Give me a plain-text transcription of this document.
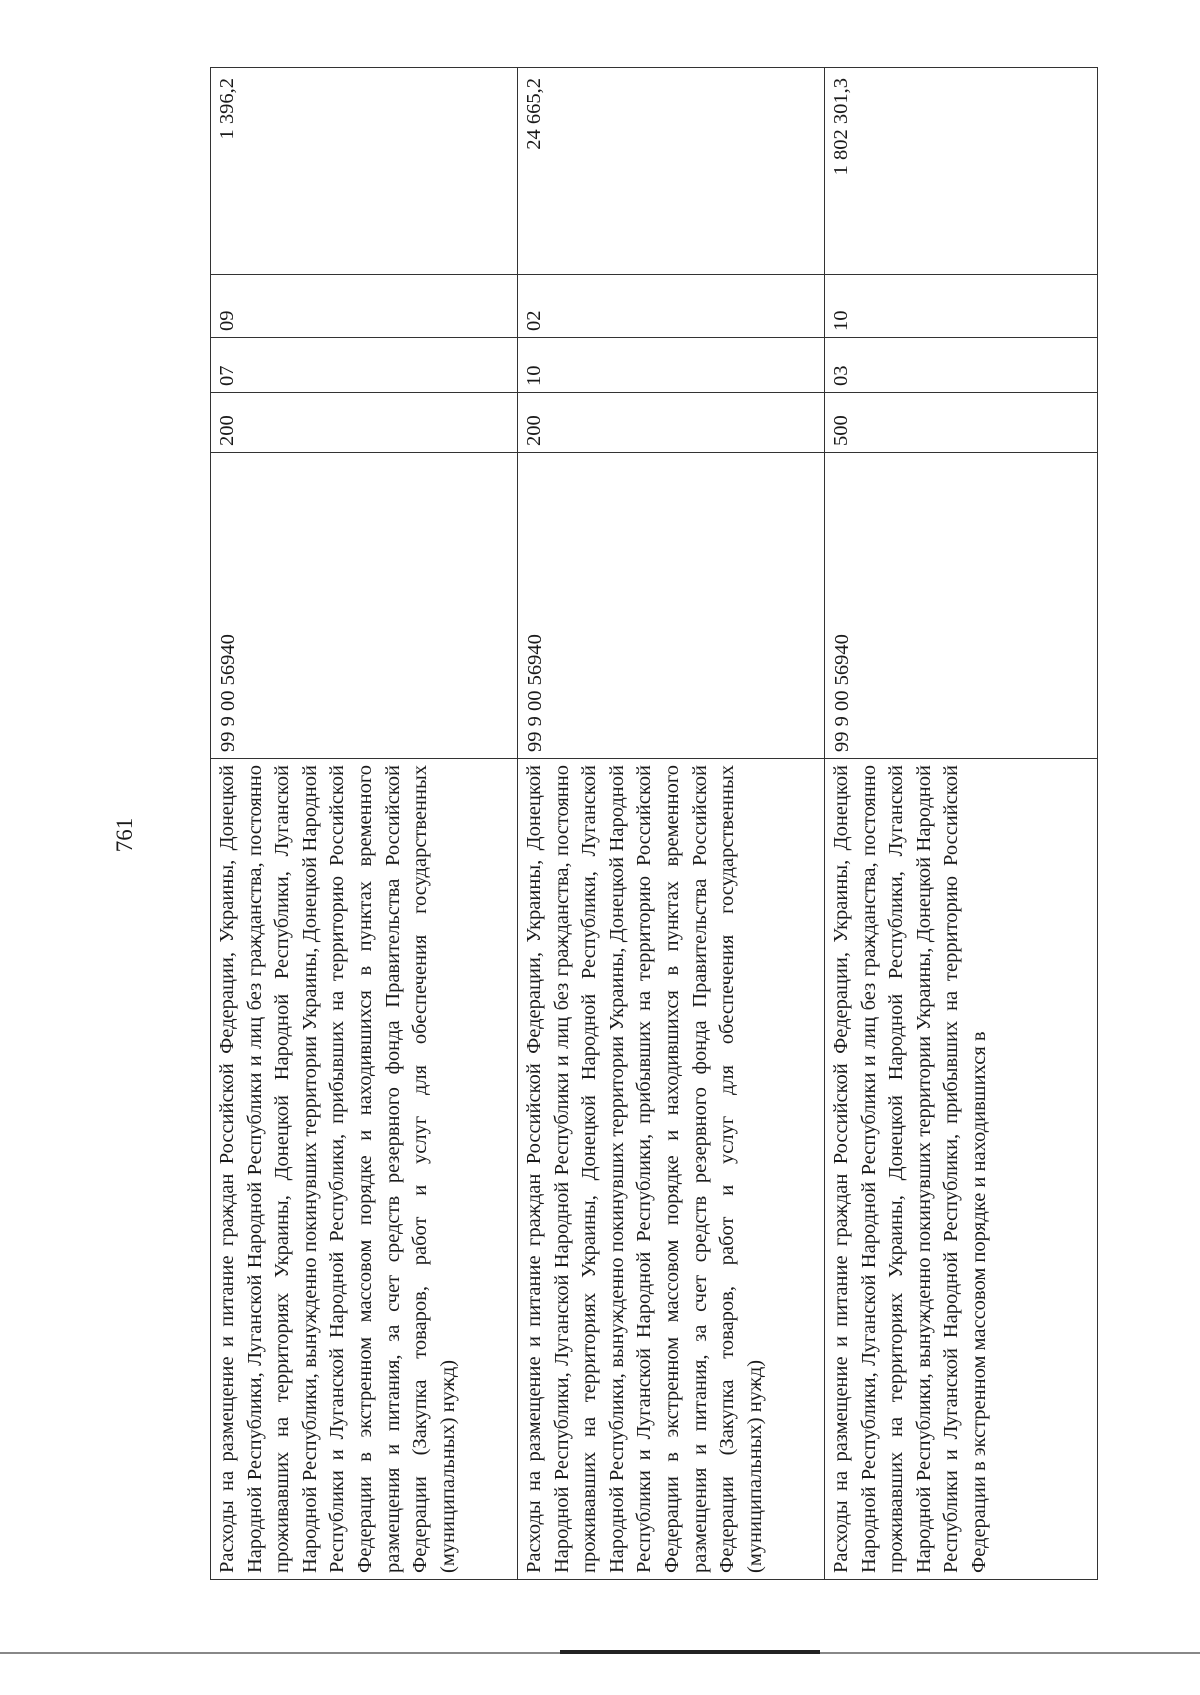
761	Расходы на размещение и питание граждан Российской Федерации, Украины, Донецкой Народной Республики, Луганской Народной Республики и лиц без гражданства, постоянно проживавших на территориях Украины, Донецкой Народной Республики, Луганской Народной Республики, вынужденно покинувших территории Украины, Донецкой Народной Республики и Луганской Народной Республики, прибывших на территорию Российской Федерации в экстренном массовом порядке и находившихся в пунктах временного размещения и питания, за счет средств резервного фонда Правительства Российской Федерации (Закупка товаров, работ и услуг для обеспечения государственных (муниципальных) нужд)	99 9 00 56940	200	07	09	1 396,2
Расходы на размещение и питание граждан Российской Федерации, Украины, Донецкой Народной Республики, Луганской Народной Республики и лиц без гражданства, постоянно проживавших на территориях Украины, Донецкой Народной Республики, Луганской Народной Республики, вынужденно покинувших территории Украины, Донецкой Народной Республики и Луганской Народной Республики, прибывших на территорию Российской Федерации в экстренном массовом порядке и находившихся в пунктах временного размещения и питания, за счет средств резервного фонда Правительства Российской Федерации (Закупка товаров, работ и услуг для обеспечения государственных (муниципальных) нужд)	99 9 00 56940	200	10	02	24 665,2

Расходы на размещение и питание граждан Российской Федерации, Украины, Донецкой Народной Республики, Луганской Народной Республики и лиц без гражданства, постоянно проживавших на территориях Украины, Донецкой Народной Республики, Луганской Народной Республики, вынужденно покинувших территории Украины, Донецкой Народной Республики и Луганской Народной Республики, прибывших на территорию Российской Федерации в экстренном массовом порядке и находившихся в	99 9 00 56940	500	03	10	1 802 301,3
